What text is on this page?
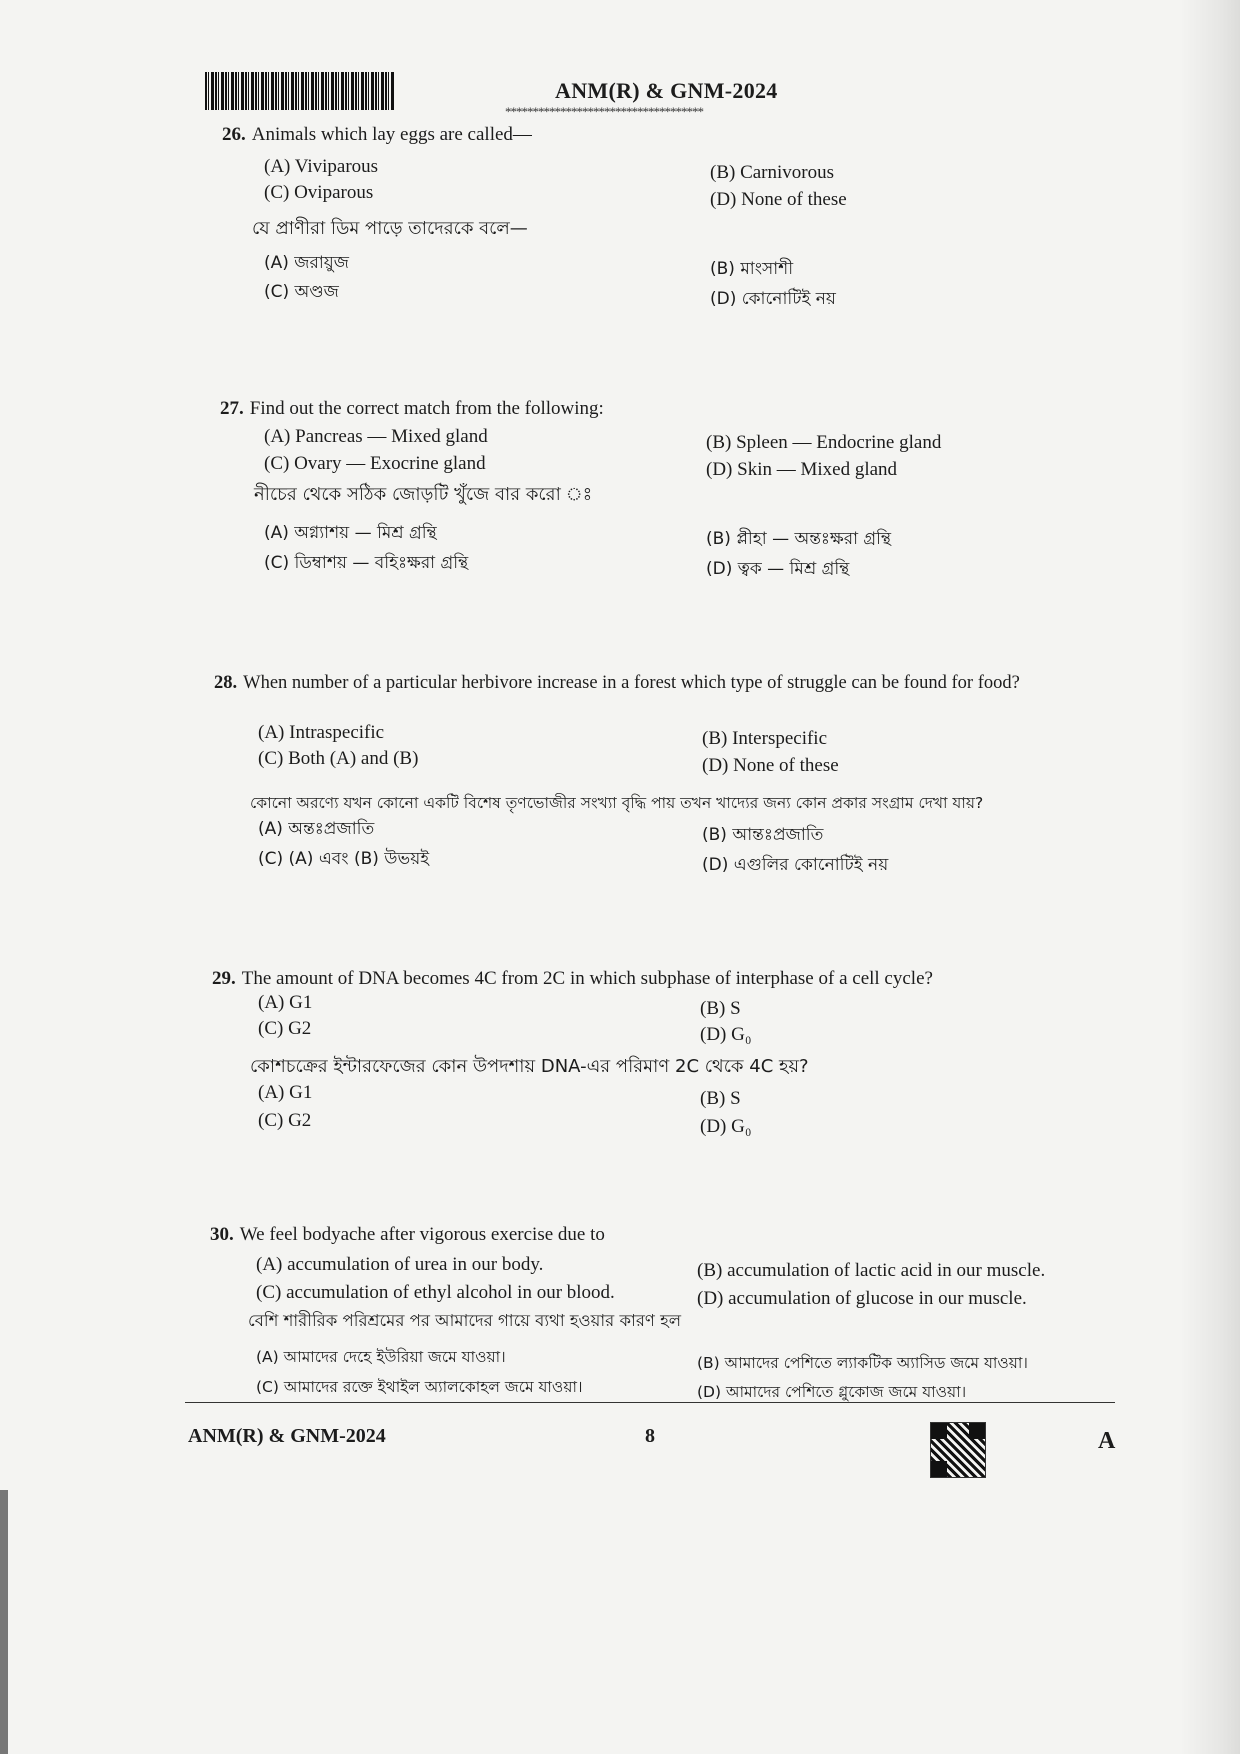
ANM(R) & GNM-2024
************************************
26. Animals which lay eggs are called—
(A) Viviparous	(B) Carnivorous
(C) Oviparous	(D) None of these
যে প্রাণীরা ডিম পাড়ে তাদেরকে বলে—
(A) জরায়ুজ	(B) মাংসাশী
(C) অণ্ডজ	(D) কোনোটিই নয়
27. Find out the correct match from the following:
(A) Pancreas — Mixed gland	(B) Spleen — Endocrine gland
(C) Ovary — Exocrine gland	(D) Skin — Mixed gland
নীচের থেকে সঠিক জোড়টি খুঁজে বার করো ঃ
(A) অগ্ন্যাশয় — মিশ্র গ্রন্থি	(B) প্লীহা — অন্তঃক্ষরা গ্রন্থি
(C) ডিম্বাশয় — বহিঃক্ষরা গ্রন্থি	(D) ত্বক — মিশ্র গ্রন্থি
28. When number of a particular herbivore increase in a forest which type of struggle can be found for food?
(A) Intraspecific	(B) Interspecific
(C) Both (A) and (B)	(D) None of these
কোনো অরণ্যে যখন কোনো একটি বিশেষ তৃণভোজীর সংখ্যা বৃদ্ধি পায় তখন খাদ্যের জন্য কোন প্রকার সংগ্রাম দেখা যায়?
(A) অন্তঃপ্রজাতি	(B) আন্তঃপ্রজাতি
(C) (A) এবং (B) উভয়ই	(D) এগুলির কোনোটিই নয়
29. The amount of DNA becomes 4C from 2C in which subphase of interphase of a cell cycle?
(A) G1	(B) S
(C) G2	(D) G₀
কোশচক্রের ইন্টারফেজের কোন উপদশায় DNA-এর পরিমাণ 2C থেকে 4C হয়?
(A) G1	(B) S
(C) G2	(D) G₀
30. We feel bodyache after vigorous exercise due to
(A) accumulation of urea in our body.	(B) accumulation of lactic acid in our muscle.
(C) accumulation of ethyl alcohol in our blood.	(D) accumulation of glucose in our muscle.
বেশি শারীরিক পরিশ্রমের পর আমাদের গায়ে ব্যথা হওয়ার কারণ হল
(A) আমাদের দেহে ইউরিয়া জমে যাওয়া।	(B) আমাদের পেশিতে ল্যাকটিক অ্যাসিড জমে যাওয়া।
(C) আমাদের রক্তে ইথাইল অ্যালকোহল জমে যাওয়া।	(D) আমাদের পেশিতে গ্লুকোজ জমে যাওয়া।
ANM(R) & GNM-2024	8	A
